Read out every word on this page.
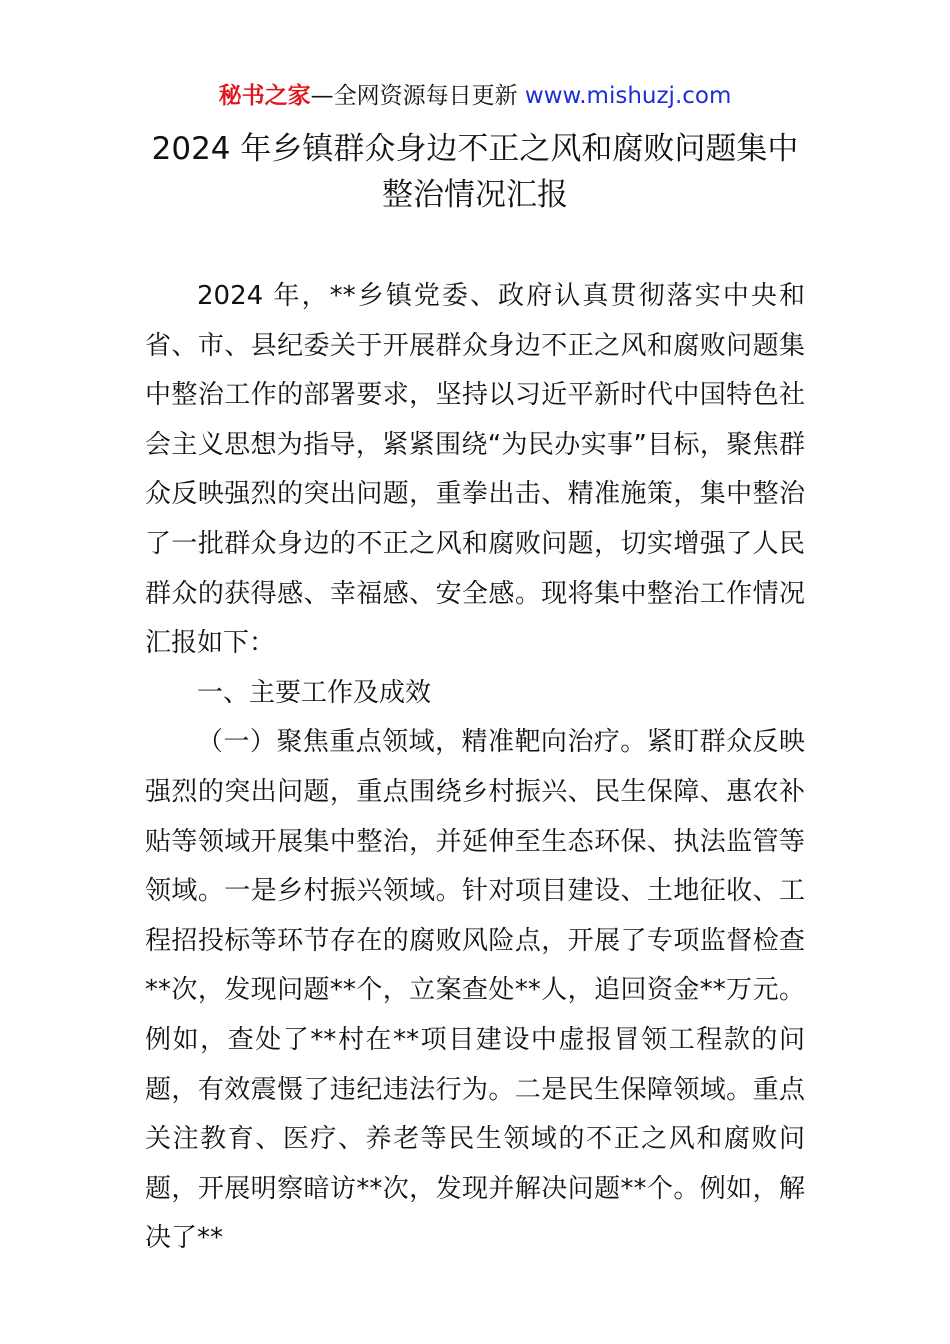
秘书之家—全网资源每日更新 www.mishuzj.com
2024 年乡镇群众身边不正之风和腐败问题集中
整治情况汇报

2024 年，**乡镇党委、政府认真贯彻落实中央和省、市、县纪委关于开展群众身边不正之风和腐败问题集中整治工作的部署要求，坚持以习近平新时代中国特色社会主义思想为指导，紧紧围绕“为民办实事”目标，聚焦群众反映强烈的突出问题，重拳出击、精准施策，集中整治了一批群众身边的不正之风和腐败问题，切实增强了人民群众的获得感、幸福感、安全感。现将集中整治工作情况汇报如下：

一、主要工作及成效

（一）聚焦重点领域，精准靶向治疗。紧盯群众反映强烈的突出问题，重点围绕乡村振兴、民生保障、惠农补贴等领域开展集中整治，并延伸至生态环保、执法监管等领域。一是乡村振兴领域。针对项目建设、土地征收、工程招投标等环节存在的腐败风险点，开展了专项监督检查**次，发现问题**个，立案查处**人，追回资金**万元。例如，查处了**村在**项目建设中虚报冒领工程款的问题，有效震慑了违纪违法行为。二是民生保障领域。重点关注教育、医疗、养老等民生领域的不正之风和腐败问题，开展明察暗访**次，发现并解决问题**个。例如，解决了**
